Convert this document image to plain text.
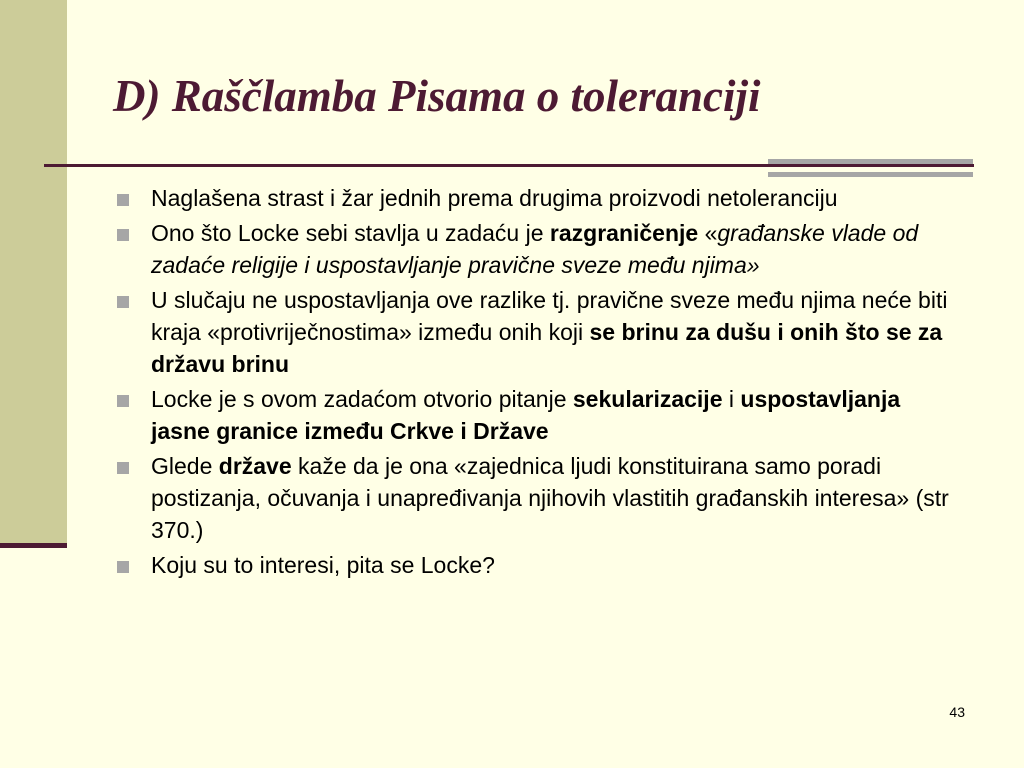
D) Raščlamba Pisama o toleranciji
Naglašena strast i žar jednih prema drugima proizvodi netoleranciju
Ono što Locke sebi stavlja u zadaću je razgraničenje «građanske vlade od zadaće religije i uspostavljanje pravične sveze među njima»
U slučaju ne uspostavljanja ove razlike tj. pravične sveze među njima neće biti kraja «protivriječnostima» između onih koji se brinu za dušu i onih što se za državu brinu
Locke je s ovom zadaćom otvorio pitanje sekularizacije i uspostavljanja jasne granice između Crkve i Države
Glede države kaže da je ona «zajednica ljudi konstituirana samo poradi postizanja, očuvanja i unapređivanja njihovih vlastitih građanskih interesa» (str 370.)
Koju su to interesi, pita se Locke?
43
